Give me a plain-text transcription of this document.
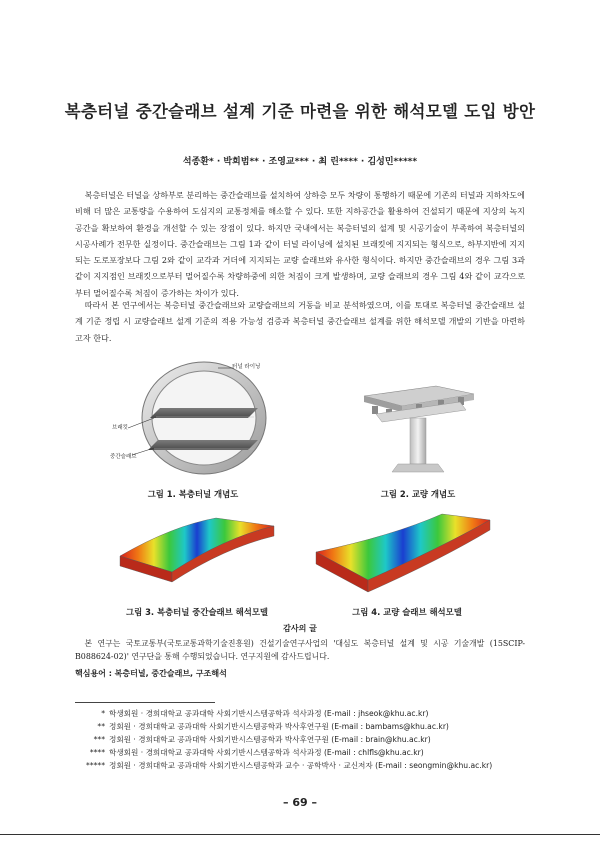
복층터널 중간슬래브 설계 기준 마련을 위한 해석모델 도입 방안
석종환* · 박희범** · 조영교*** · 최 린**** · 김성민*****
복층터널은 터널을 상하부로 분리하는 중간슬래브를 설치하여 상하층 모두 차량이 통행하기 때문에 기존의 터널과 지하차도에 비해 더 많은 교통량을 수용하여 도심지의 교통정체를 해소할 수 있다. 또한 지하공간을 활용하여 건설되기 때문에 지상의 녹지공간을 확보하여 환경을 개선할 수 있는 장점이 있다. 하지만 국내에서는 복층터널의 설계 및 시공기술이 부족하여 복층터널의 시공사례가 전무한 실정이다. 중간슬래브는 그림 1과 같이 터널 라이닝에 설치된 브래킷에 지지되는 형식으로, 하부지반에 지지되는 도로포장보다 그림 2와 같이 교각과 거더에 지지되는 교량 슬래브와 유사한 형식이다. 하지만 중간슬래브의 경우 그림 3과 같이 지지점인 브래킷으로부터 멀어질수록 차량하중에 의한 처짐이 크게 발생하며, 교량 슬래브의 경우 그림 4와 같이 교각으로부터 멀어질수록 처짐이 증가하는 차이가 있다.
따라서 본 연구에서는 복층터널 중간슬래브와 교량슬래브의 거동을 비교 분석하였으며, 이를 토대로 복층터널 중간슬래브 설계 기준 정립 시 교량슬래브 설계 기준의 적용 가능성 검증과 복층터널 중간슬래브 설계를 위한 해석모델 개발의 기반을 마련하고자 한다.
터널 라이닝
브래킷
중간슬래브
그림 1. 복층터널 개념도	그림 2. 교량 개념도
그림 3. 복층터널 중간슬래브 해석모델	그림 4. 교량 슬래브 해석모델
감사의 글
본 연구는 국토교통부(국토교통과학기술진흥원) 건설기술연구사업의 '대심도 복층터널 설계 및 시공 기술개발 (15SCIP-B088624-02)' 연구단을 통해 수행되었습니다. 연구지원에 감사드립니다.
핵심용어 : 복층터널, 중간슬래브, 구조해석
* 학생회원 · 경희대학교 공과대학 사회기반시스템공학과 석사과정 (E-mail : jhseok@khu.ac.kr)
** 정회원 · 경희대학교 공과대학 사회기반시스템공학과 박사후연구원 (E-mail : bambams@khu.ac.kr)
*** 정회원 · 경희대학교 공과대학 사회기반시스템공학과 박사후연구원 (E-mail : brain@khu.ac.kr)
**** 학생회원 · 경희대학교 공과대학 사회기반시스템공학과 석사과정 (E-mail : chlfls@khu.ac.kr)
***** 정회원 · 경희대학교 공과대학 사회기반시스템공학과 교수 · 공학박사 · 교신저자 (E-mail : seongmin@khu.ac.kr)
– 69 –
